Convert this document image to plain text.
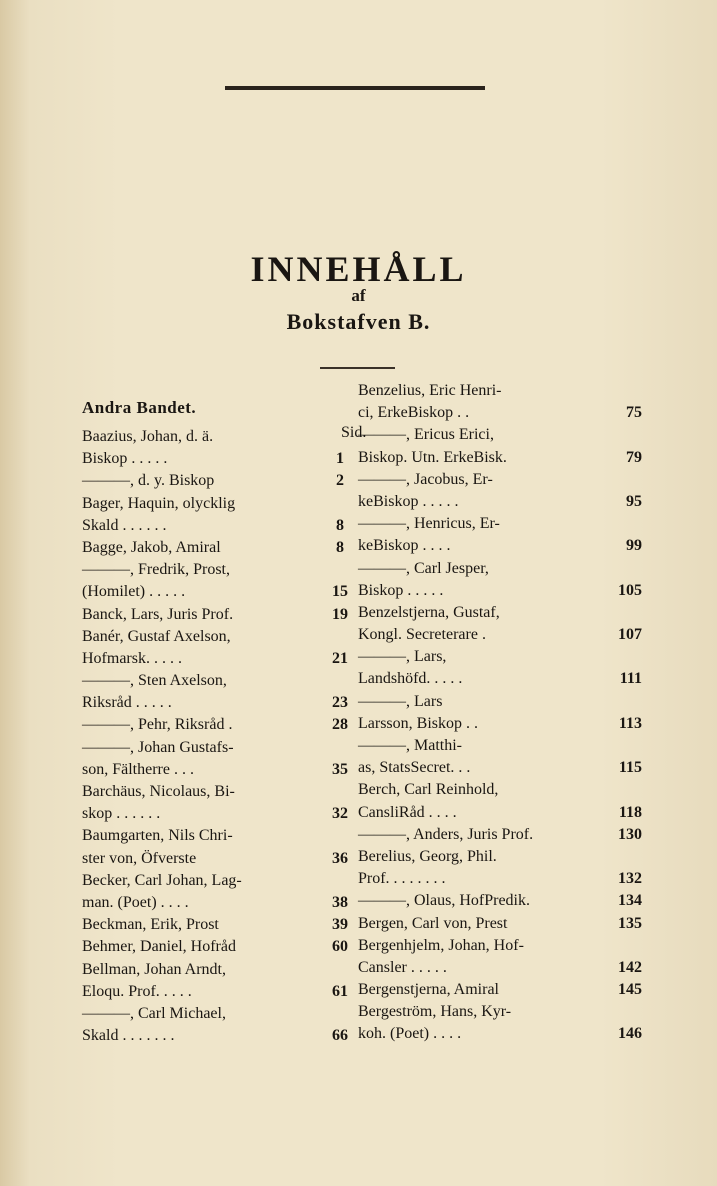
INNEHÅLL
af
Bokstafven B.
Andra Bandet.
Baazius, Johan, d. ä.
Biskop . . . . .	1
———, d. y. Biskop	2
Bager, Haquin, olycklig
Skald . . . . . .	8
Bagge, Jakob, Amiral	8
———, Fredrik, Prost,
(Homilet) . . . . .	15
Banck, Lars, Juris Prof.	19
Banér, Gustaf Axelson,
Hofmarsk. . . . .	21
———, Sten Axelson,
Riksråd . . . . .	23
———, Pehr, Riksråd .	28
———, Johan Gustafs-
son, Fältherre . . .	35
Barchäus, Nicolaus, Bi-
skop . . . . . .	32
Baumgarten, Nils Chri-
ster von, Öfverste	36
Becker, Carl Johan, Lag-
man. (Poet) . . . .	38
Beckman, Erik, Prost	39
Behmer, Daniel, Hofråd	60
Bellman, Johan Arndt,
Eloqu. Prof. . . . .	61
———, Carl Michael,
Skald . . . . . . .	66
Sid.
Benzelius, Eric Henri-
ci, ErkeBiskop . .	75
———, Ericus Erici,
Biskop. Utn. ErkeBisk.	79
———, Jacobus, Er-
keBiskop . . . . .	95
———, Henricus, Er-
keBiskop . . . .	99
———, Carl Jesper,
Biskop . . . . .	105
Benzelstjerna, Gustaf,
Kongl. Secreterare .	107
———, Lars,
Landshöfd. . . . .	111
———, Lars
Larsson, Biskop . .	113
———, Matthi-
as, StatsSecret. . .	115
Berch, Carl Reinhold,
CansliRåd . . . .	118
———, Anders, Juris Prof.	130
Berelius, Georg, Phil.
Prof. . . . . . . .	132
———, Olaus, HofPredik.	134
Bergen, Carl von, Prest	135
Bergenhjelm, Johan, Hof-
Cansler . . . . .	142
Bergenstjerna, Amiral	145
Bergeström, Hans, Kyr-
koh. (Poet) . . . .	146
